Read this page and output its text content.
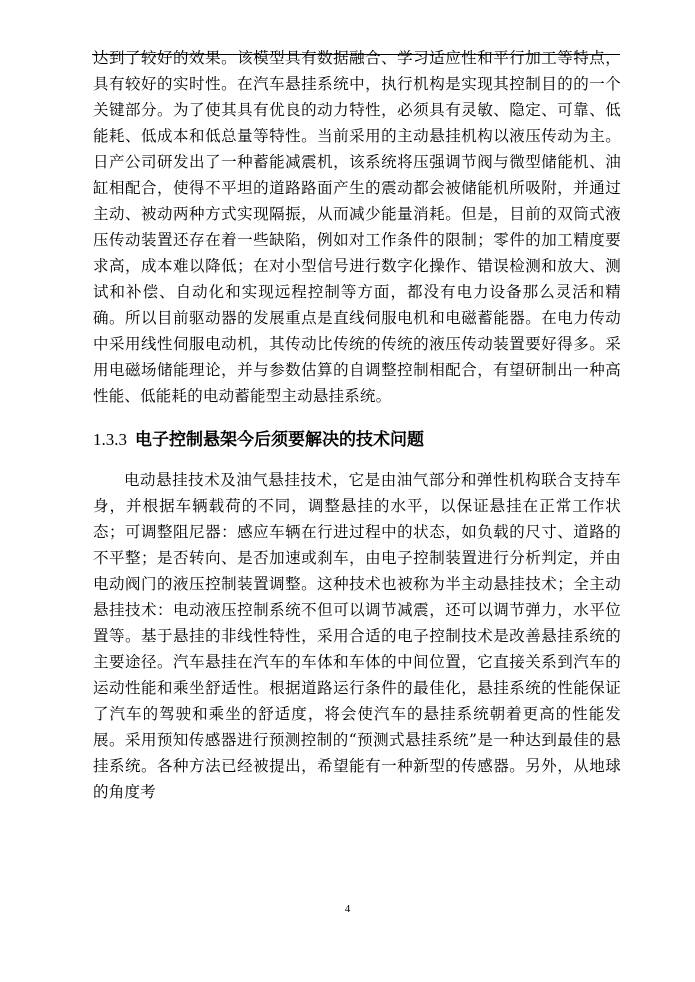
达到了较好的效果。该模型具有数据融合、学习适应性和平行加工等特点，具有较好的实时性。在汽车悬挂系统中，执行机构是实现其控制目的的一个关键部分。为了使其具有优良的动力特性，必须具有灵敏、隐定、可靠、低能耗、低成本和低总量等特性。当前采用的主动悬挂机构以液压传动为主。日产公司研发出了一种蓄能减震机，该系统将压强调节阀与微型储能机、油缸相配合，使得不平坦的道路路面产生的震动都会被储能机所吸附，并通过主动、被动两种方式实现隔振，从而减少能量消耗。但是，目前的双筒式液压传动装置还存在着一些缺陷，例如对工作条件的限制；零件的加工精度要求高，成本难以降低；在对小型信号进行数字化操作、错误检测和放大、测试和补偿、自动化和实现远程控制等方面，都没有电力设备那么灵活和精确。所以目前驱动器的发展重点是直线伺服电机和电磁蓄能器。在电力传动中采用线性伺服电动机，其传动比传统的传统的液压传动装置要好得多。采用电磁场储能理论，并与参数估算的自调整控制相配合，有望研制出一种高性能、低能耗的电动蓄能型主动悬挂系统。

1.3.3 电子控制悬架今后须要解决的技术问题

电动悬挂技术及油气悬挂技术，它是由油气部分和弹性机构联合支持车身，并根据车辆载荷的不同，调整悬挂的水平，以保证悬挂在正常工作状态；可调整阻尼器：感应车辆在行进过程中的状态，如负载的尺寸、道路的不平整；是否转向、是否加速或刹车，由电子控制装置进行分析判定，并由电动阀门的液压控制装置调整。这种技术也被称为半主动悬挂技术；全主动悬挂技术：电动液压控制系统不但可以调节减震，还可以调节弹力，水平位置等。基于悬挂的非线性特性，采用合适的电子控制技术是改善悬挂系统的主要途径。汽车悬挂在汽车的车体和车体的中间位置，它直接关系到汽车的运动性能和乘坐舒适性。根据道路运行条件的最佳化，悬挂系统的性能保证了汽车的驾驶和乘坐的舒适度，将会使汽车的悬挂系统朝着更高的性能发展。采用预知传感器进行预测控制的“预测式悬挂系统”是一种达到最佳的悬挂系统。各种方法已经被提出，希望能有一种新型的传感器。另外，从地球的角度考

4
